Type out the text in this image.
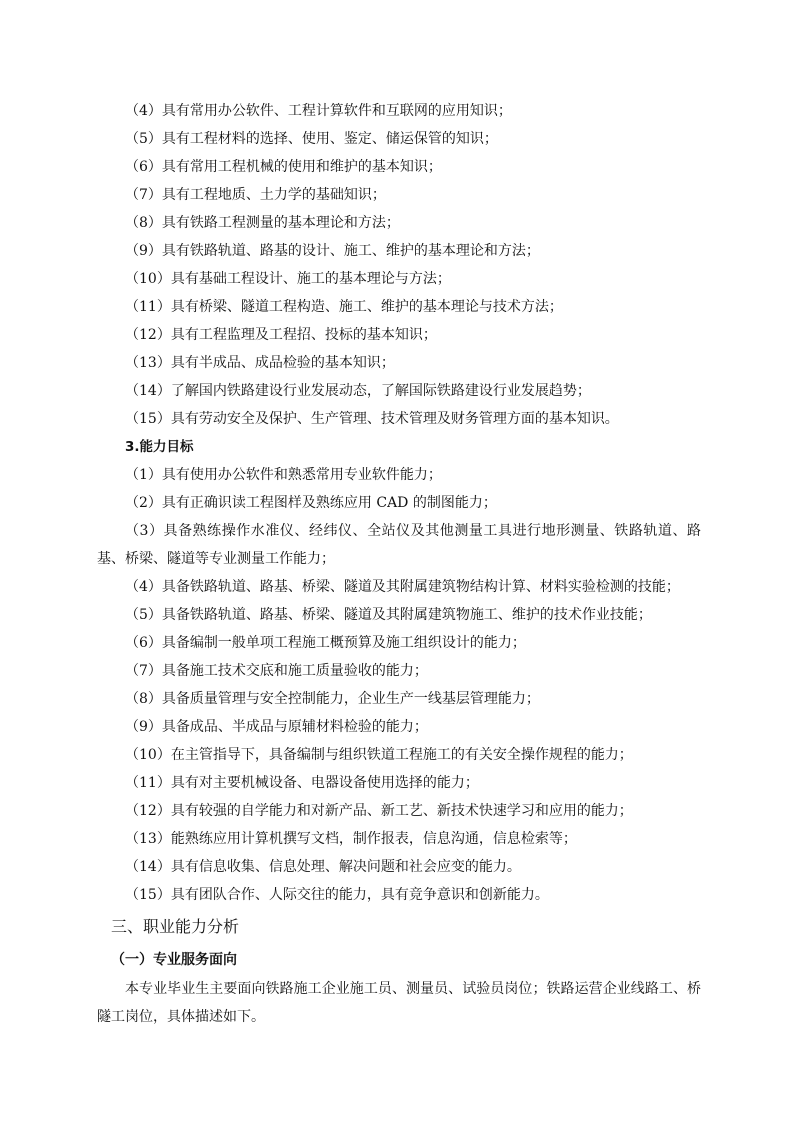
（4）具有常用办公软件、工程计算软件和互联网的应用知识；

（5）具有工程材料的选择、使用、鉴定、储运保管的知识；

（6）具有常用工程机械的使用和维护的基本知识；

（7）具有工程地质、土力学的基础知识；

（8）具有铁路工程测量的基本理论和方法；

（9）具有铁路轨道、路基的设计、施工、维护的基本理论和方法；

（10）具有基础工程设计、施工的基本理论与方法；

（11）具有桥梁、隧道工程构造、施工、维护的基本理论与技术方法；

（12）具有工程监理及工程招、投标的基本知识；

（13）具有半成品、成品检验的基本知识；

（14）了解国内铁路建设行业发展动态，了解国际铁路建设行业发展趋势；

（15）具有劳动安全及保护、生产管理、技术管理及财务管理方面的基本知识。

3.能力目标

（1）具有使用办公软件和熟悉常用专业软件能力；

（2）具有正确识读工程图样及熟练应用 CAD 的制图能力；

（3）具备熟练操作水准仪、经纬仪、全站仪及其他测量工具进行地形测量、铁路轨道、路基、桥梁、隧道等专业测量工作能力；

（4）具备铁路轨道、路基、桥梁、隧道及其附属建筑物结构计算、材料实验检测的技能；

（5）具备铁路轨道、路基、桥梁、隧道及其附属建筑物施工、维护的技术作业技能；

（6）具备编制一般单项工程施工概预算及施工组织设计的能力；

（7）具备施工技术交底和施工质量验收的能力；

（8）具备质量管理与安全控制能力，企业生产一线基层管理能力；

（9）具备成品、半成品与原辅材料检验的能力；

（10）在主管指导下，具备编制与组织铁道工程施工的有关安全操作规程的能力；

（11）具有对主要机械设备、电器设备使用选择的能力；

（12）具有较强的自学能力和对新产品、新工艺、新技术快速学习和应用的能力；

（13）能熟练应用计算机撰写文档，制作报表，信息沟通，信息检索等；

（14）具有信息收集、信息处理、解决问题和社会应变的能力。

（15）具有团队合作、人际交往的能力，具有竞争意识和创新能力。

三、职业能力分析

（一）专业服务面向

本专业毕业生主要面向铁路施工企业施工员、测量员、试验员岗位；铁路运营企业线路工、桥隧工岗位，具体描述如下。
